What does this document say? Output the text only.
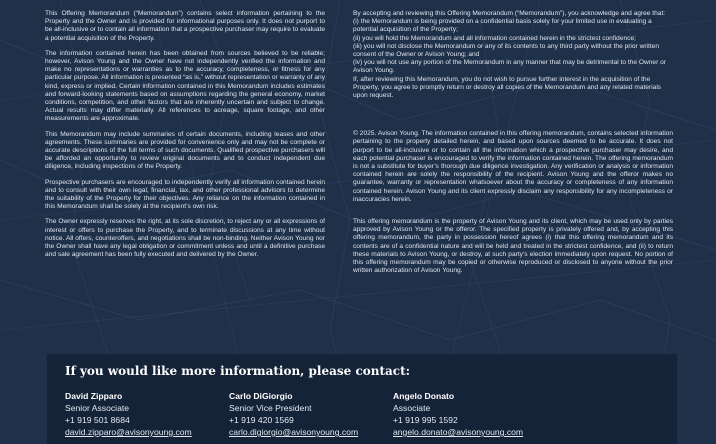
This Offering Memorandum (“Memorandum”) contains select information pertaining to the Property and the Owner and is provided for informational purposes only. It does not purport to be all-inclusive or to contain all information that a prospective purchaser may require to evaluate a potential acquisition of the Property.

The information contained herein has been obtained from sources believed to be reliable; however, Avison Young and the Owner have not independently verified the information and make no representations or warranties as to the accuracy, completeness, or fitness for any particular purpose. All information is presented “as is,” without representation or warranty of any kind, express or implied. Certain information contained in this Memorandum includes estimates and forward-looking statements based on assumptions regarding the general economy, market conditions, competition, and other factors that are inherently uncertain and subject to change. Actual results may differ materially. All references to acreage, square footage, and other measurements are approximate.

This Memorandum may include summaries of certain documents, including leases and other agreements. These summaries are provided for convenience only and may not be complete or accurate descriptions of the full terms of such documents. Qualified prospective purchasers will be afforded an opportunity to review original documents and to conduct independent due diligence, including inspections of the Property.

Prospective purchasers are encouraged to independently verify all information contained herein and to consult with their own legal, financial, tax, and other professional advisors to determine the suitability of the Property for their objectives. Any reliance on the information contained in this Memorandum shall be solely at the recipient’s own risk.

The Owner expressly reserves the right, at its sole discretion, to reject any or all expressions of interest or offers to purchase the Property, and to terminate discussions at any time without notice. All offers, counteroffers, and negotiations shall be non-binding. Neither Avison Young nor the Owner shall have any legal obligation or commitment unless and until a definitive purchase and sale agreement has been fully executed and delivered by the Owner.

By accepting and reviewing this Offering Memorandum (“Memorandum”), you acknowledge and agree that:
(i) the Memorandum is being provided on a confidential basis solely for your limited use in evaluating a potential acquisition of the Property;
(ii) you will hold the Memorandum and all information contained herein in the strictest confidence;
(iii) you will not disclose the Memorandum or any of its contents to any third party without the prior written consent of the Owner or Avison Young; and
(iv) you will not use any portion of the Memorandum in any manner that may be detrimental to the Owner or Avison Young.
If, after reviewing this Memorandum, you do not wish to pursue further interest in the acquisition of the Property, you agree to promptly return or destroy all copies of the Memorandum and any related materials upon request.

© 2025. Avison Young. The information contained in this offering memorandum, contains selected information pertaining to the property detailed herein, and based upon sources deemed to be accurate. It does not purport to be all-inclusive or to contain all the information which a prospective purchaser may desire, and each potential purchaser is encouraged to verify the information contained herein. The offering memorandum is not a substitute for buyer’s thorough due diligence investigation. Any verification or analysis or information contained herein are solely the responsibility of the recipient. Avison Young and the offeror makes no guarantee, warranty or representation whatsoever about the accuracy or completeness of any information contained herein. Avison Young and its client expressly disclaim any responsibility for any incompleteness or inaccuracies herein.

This offering memorandum is the property of Avison Young and its client, which may be used only by parties approved by Avison Young or the offeror. The specified property is privately offered and, by accepting this offering memorandum, the party in possession hereof agrees (i) that this offering memorandum and its contents are of a confidential nature and will be held and treated in the strictest confidence, and (ii) to return these materials to Avison Young, or destroy, at such party’s election immediately upon request. No portion of this offering memorandum may be copied or otherwise reproduced or disclosed to anyone without the prior written authorization of Avison Young.

If you would like more information, please contact:
David Zipparo
Senior Associate
+1 919 501 8684
david.zipparo@avisonyoung.com
Carlo DiGiorgio
Senior Vice President
+1 919 420 1569
carlo.digiorgio@avisonyoung.com
Angelo Donato
Associate
+1 919 995 1592
angelo.donato@avisonyoung.com
